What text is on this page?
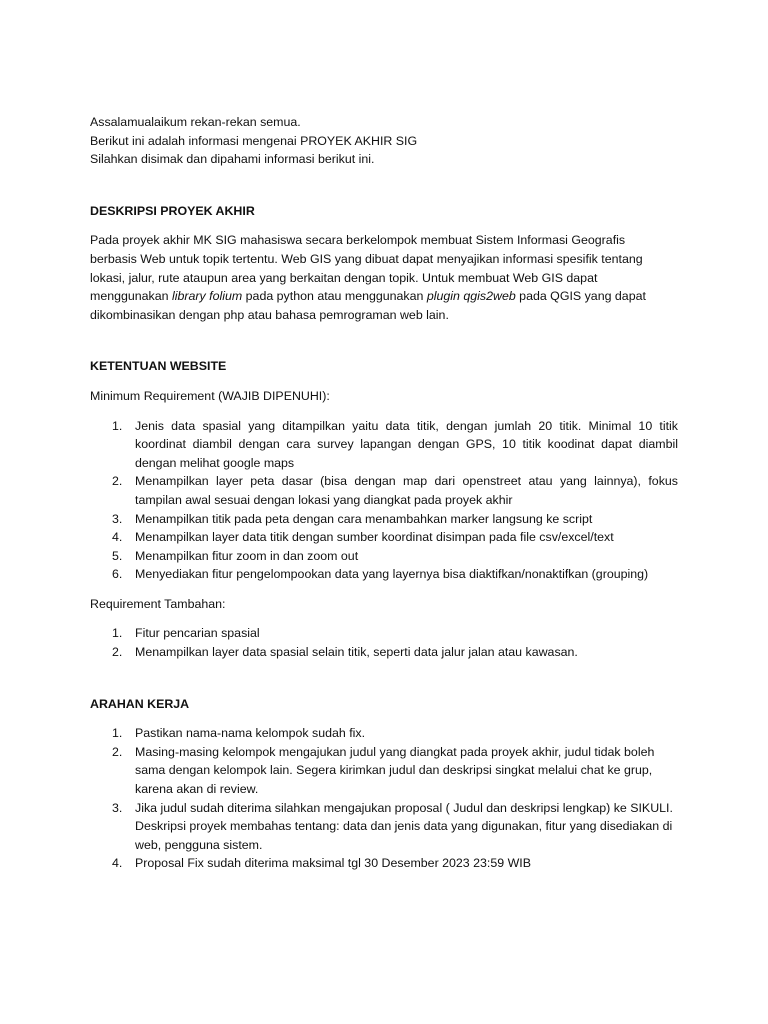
Assalamualaikum rekan-rekan semua.

Berikut ini adalah informasi mengenai PROYEK AKHIR SIG

Silahkan disimak dan dipahami informasi berikut ini.

DESKRIPSI PROYEK AKHIR

Pada proyek akhir MK SIG mahasiswa secara berkelompok membuat Sistem Informasi Geografis berbasis Web untuk topik tertentu. Web GIS yang dibuat dapat menyajikan informasi spesifik tentang lokasi, jalur, rute ataupun area yang berkaitan dengan topik. Untuk membuat Web GIS dapat menggunakan library folium pada python atau menggunakan plugin qgis2web pada QGIS yang dapat dikombinasikan dengan php atau bahasa pemrograman web lain.

KETENTUAN WEBSITE

Minimum Requirement (WAJIB DIPENUHI):

1. Jenis data spasial yang ditampilkan yaitu data titik, dengan jumlah 20 titik. Minimal 10 titik koordinat diambil dengan cara survey lapangan dengan GPS, 10 titik koodinat dapat diambil dengan melihat google maps
2. Menampilkan layer peta dasar (bisa dengan map dari openstreet atau yang lainnya), fokus tampilan awal sesuai dengan lokasi yang diangkat pada proyek akhir
3. Menampilkan titik pada peta dengan cara menambahkan marker langsung ke script
4. Menampilkan layer data titik dengan sumber koordinat disimpan pada file csv/excel/text
5. Menampilkan fitur zoom in dan zoom out
6. Menyediakan fitur pengelompookan data yang layernya bisa diaktifkan/nonaktifkan (grouping)

Requirement Tambahan:

1. Fitur pencarian spasial
2. Menampilkan layer data spasial selain titik, seperti data jalur jalan atau kawasan.

ARAHAN KERJA

1. Pastikan nama-nama kelompok sudah fix.
2. Masing-masing kelompok mengajukan judul yang diangkat pada proyek akhir, judul tidak boleh sama dengan kelompok lain. Segera kirimkan judul dan deskripsi singkat melalui chat ke grup, karena akan di review.
3. Jika judul sudah diterima silahkan mengajukan proposal ( Judul dan deskripsi lengkap) ke SIKULI. Deskripsi proyek membahas tentang: data dan jenis data yang digunakan, fitur yang disediakan di web, pengguna sistem.
4. Proposal Fix sudah diterima maksimal tgl 30 Desember 2023 23:59 WIB
